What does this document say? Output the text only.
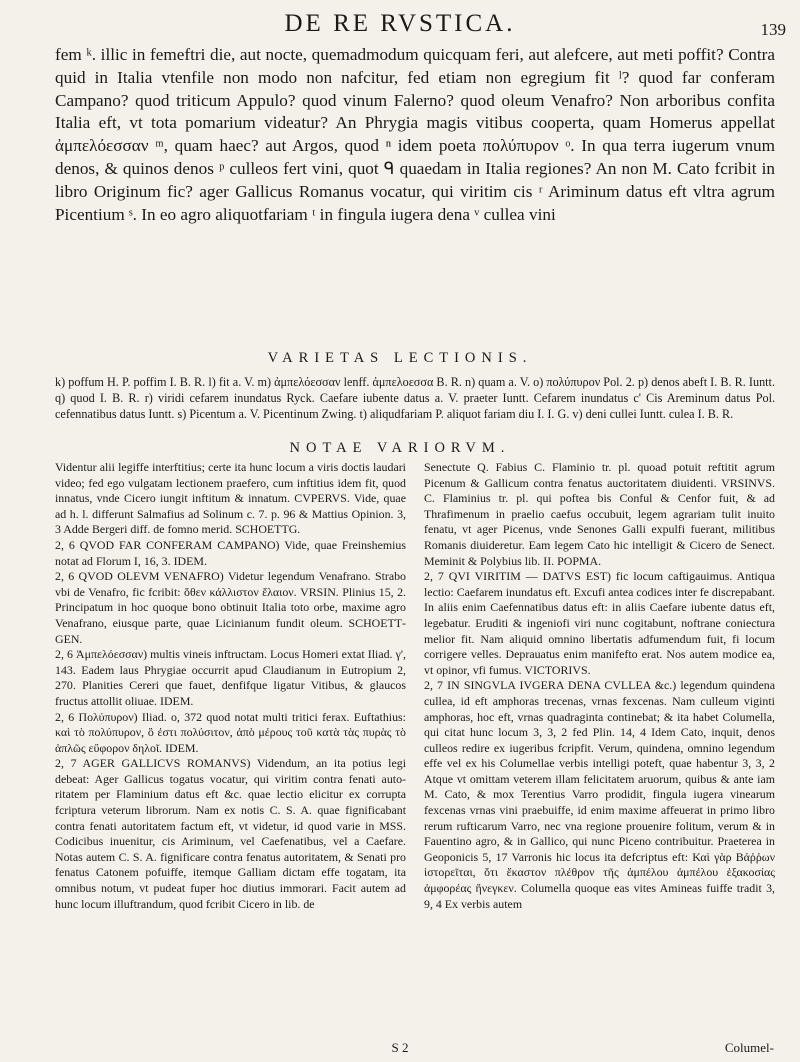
DE RE RVSTICA.	139

fem ᵏ. illic in femeftri die, aut nocte, quemadmodum quicquam feri, aut alefcere, aut meti poffit? Contra quid in Italia vtenfile non modo non nafcitur, fed etiam non egregium fit ˡ? quod far conferam Campano? quod triticum Appulo? quod vinum Falerno? quod oleum Venafro? Non arboribus confita Italia eft, vt tota pomarium videatur? An Phrygia magis vitibus cooperta, quam Homerus appellat ἀμπελόεσσαν ᵐ, quam haec? aut Argos, quod ⁿ idem poeta πολύπυρον ᵒ. In qua terra iugerum vnum denos, & quinos denos ᵖ culleos fert vini, quot ᑫ quaedam in Italia regiones? An non M. Cato fcribit in libro Originum fic? ager Gallicus Romanus vocatur, qui viritim cis ʳ Ariminum datus eft vltra agrum Picentium ˢ. In eo agro aliquotfariam ᵗ in fingula iugera dena ᵛ cullea vini

VARIETAS LECTIONIS.

k) poffum H. P. poffim I. B. R. l) fit a. V. m) ἀμπελόεσσαν lenff. ἀμπελοεσσα B. R. n) quam a. V. o) πολύπυρον Pol. 2. p) denos abeft I. B. R. Iuntt. q) quod I. B. R. r) viridi cefarem inundatus Ryck. Caefare iubente datus a. V. praeter Iuntt. Cefarem inundatus c' Cis Areminum datus Pol. cefennatibus datus Iuntt. s) Picentum a. V. Picentinum Zwing. t) aliqudfariam P. aliquot fariam diu I. I. G. v) deni cullei Iuntt. culea I. B. R.

NOTAE VARIORVM.

Videntur alii legiffe interftitius; certe ita hunc locum a viris doctis laudari video; fed ego vulgatam lectionem praefero, cum inftitius idem fit, quod innatus, vnde Cicero iungit inftitum & innatum. CVPERVS. Vide, quae ad h. l. differunt Salmafius ad Solinum c. 7. p. 96 & Mattius Opinion. 3, 3 Adde Bergeri diff. de fomno merid. SCHOETTG.

2, 6 QVOD FAR CONFERAM CAMPANO) Vide, quae Freinshemius notat ad Florum I, 16, 3. IDEM.

2, 6 QVOD OLEVM VENAFRO) Videtur legendum Venafrano. Strabo vbi de Venafro, fic fcribit: ὅθεν κάλλιστον ἔλαιον. VRSIN. Plinius 15, 2. Principatum in hoc quoque bono obtinuit Italia toto orbe, maxime agro Venafrano, eiusque parte, quae Licinianum fundit oleum. SCHOETTGEN.

2, 6 Ἀμπελόεσσαν) multis vineis inftructam. Locus Homeri extat Iliad. γ', 143. Eadem laus Phrygiae occurrit apud Claudianum in Eutropium 2, 270. Planities Cereri que fauet, denfifque ligatur Vitibus, & glaucos fructus attollit oliuae. IDEM.

2, 6 Πολύπυρον) Iliad. ο, 372 quod notat multi tritici ferax. Euftathius: καὶ τὸ πολύπυρον, ὃ ἐστι πολύσιτον, ἀπὸ μέρους τοῦ κατὰ τὰς πυρὰς τὸ ἁπλῶς εὔφορον δηλοῖ. IDEM.

2, 7 AGER GALLICVS ROMANVS) Videndum, an ita potius legi debeat: Ager Gallicus togatus vocatur, qui viritim contra fenati autoritatem per Flaminium datus eft &c. quae lectio elicitur ex corrupta fcriptura veterum librorum. Nam ex notis C. S. A. quae fignificabant contra fenati autoritatem factum eft, vt videtur, id quod varie in MSS. Codicibus inuenitur, cis Ariminum, vel Caefenatibus, vel a Caefare. Notas autem C. S. A. fignificare contra fenatus autoritatem, & Senati pro fenatus Catonem pofuiffe, itemque Galliam dictam effe togatam, ita omnibus notum, vt pudeat fuper hoc diutius immorari. Facit autem ad hunc locum illuftrandum, quod fcribit Cicero in lib. de

Senectute Q. Fabius C. Flaminio tr. pl. quoad potuit reftitit agrum Picenum & Gallicum contra fenatus auctoritatem diuidenti. VRSINVS. C. Flaminius tr. pl. qui poftea bis Conful & Cenfor fuit, & ad Thrafimenum in praelio caefus occubuit, legem agrariam tulit inuito fenatu, vt ager Picenus, vnde Senones Galli expulfi fuerant, militibus Romanis diuideretur. Eam legem Cato hic intelligit & Cicero de Senect. Meminit & Polybius lib. II. POPMA.

2, 7 QVI VIRITIM — DATVS EST) fic locum caftigauimus. Antiqua lectio: Caefarem inundatus eft. Excufi antea codices inter fe discrepabant. In aliis enim Caefennatibus datus eft: in aliis Caefare iubente datus eft, legebatur. Eruditi & ingeniofi viri nunc cogitabunt, noftrane coniectura melior fit. Nam aliquid omnino libertatis adfumendum fuit, fi locum corrigere velles. Deprauatus enim manifefto erat. Nos autem modice ea, vt opinor, vfi fumus. VICTORIVS.

2, 7 IN SINGVLA IVGERA DENA CVLLEA &c.) legendum quindena cullea, id eft amphoras trecenas, vrnas fexcenas. Nam culleum viginti amphoras, hoc eft, vrnas quadraginta continebat; & ita habet Columella, qui citat hunc locum 3, 3, 2 fed Plin. 14, 4 Idem Cato, inquit, denos culleos redire ex iugeribus fcripfit. Verum, quindena, omnino legendum effe vel ex his Columellae verbis intelligi poteft, quae habentur 3, 3, 2 Atque vt omittam veterem illam felicitatem aruorum, quibus & ante iam M. Cato, & mox Terentius Varro prodidit, fingula iugera vinearum fexcenas vrnas vini praebuiffe, id enim maxime affeuerat in primo libro rerum rufticarum Varro, nec vna regione prouenire folitum, verum & in Fauentino agro, & in Gallico, qui nunc Piceno contribuitur. Praeterea in Geoponicis 5, 17 Varronis hic locus ita defcriptus eft: Καὶ γὰρ Βάῤῥων ἱστορεῖται, ὅτι ἕκαστον πλέθρον τῆς ἀμπέλου ἀμπέλου ἑξακοσίας ἀμφορέας ἤνεγκεν. Columella quoque eas vites Amineas fuiffe tradit 3, 9, 4 Ex verbis autem

S 2	Columel-
